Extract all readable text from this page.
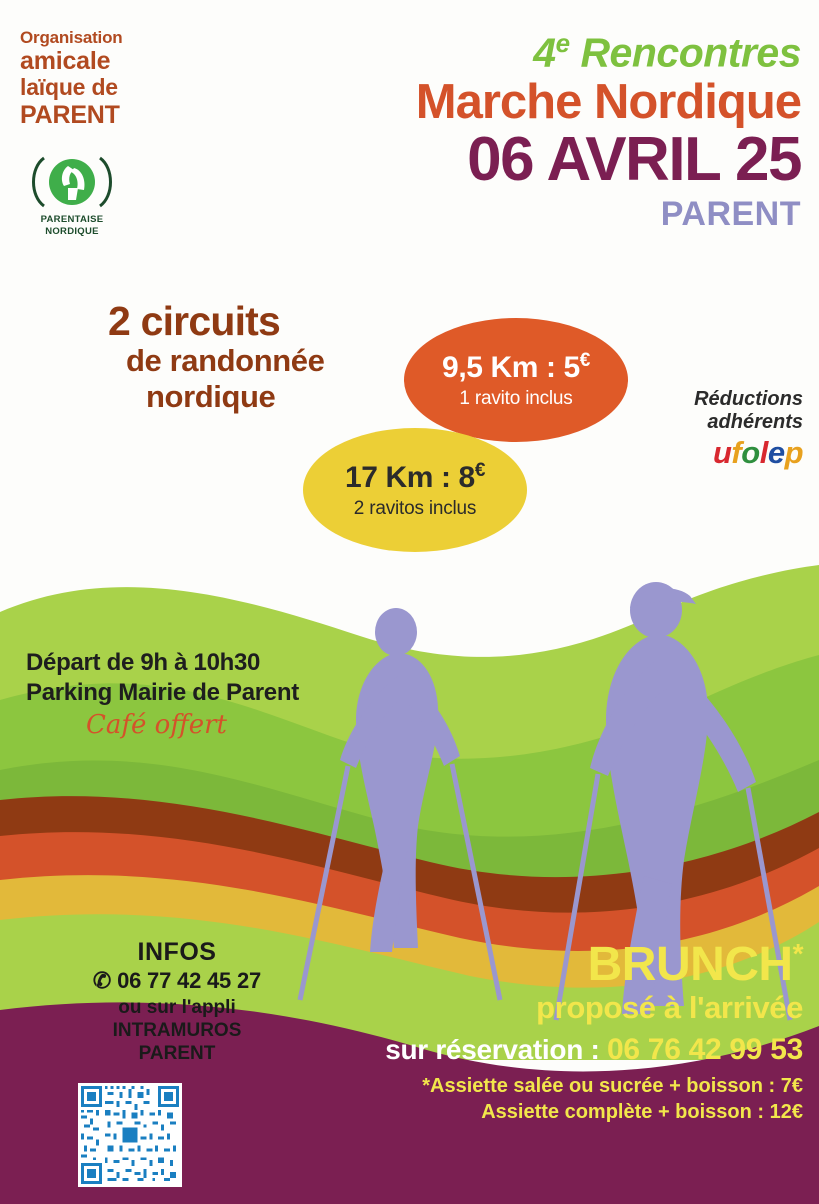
Organisation
amicale
laïque de
PARENT
PARENTAISE
NORDIQUE
4e Rencontres
Marche Nordique
06 AVRIL 25
PARENT
2 circuits
de randonnée
nordique
9,5 Km : 5€
1 ravito inclus
17 Km : 8€
2 ravitos inclus
Réductions
adhérents
ufolep
Départ de 9h à 10h30
Parking Mairie de Parent
Café offert
INFOS
✆ 06 77 42 45 27
ou sur l'appli
INTRAMUROS
PARENT
BRUNCH*
proposé à l'arrivée
sur réservation : 06 76 42 99 53
*Assiette salée ou sucrée + boisson : 7€
Assiette complète + boisson : 12€
